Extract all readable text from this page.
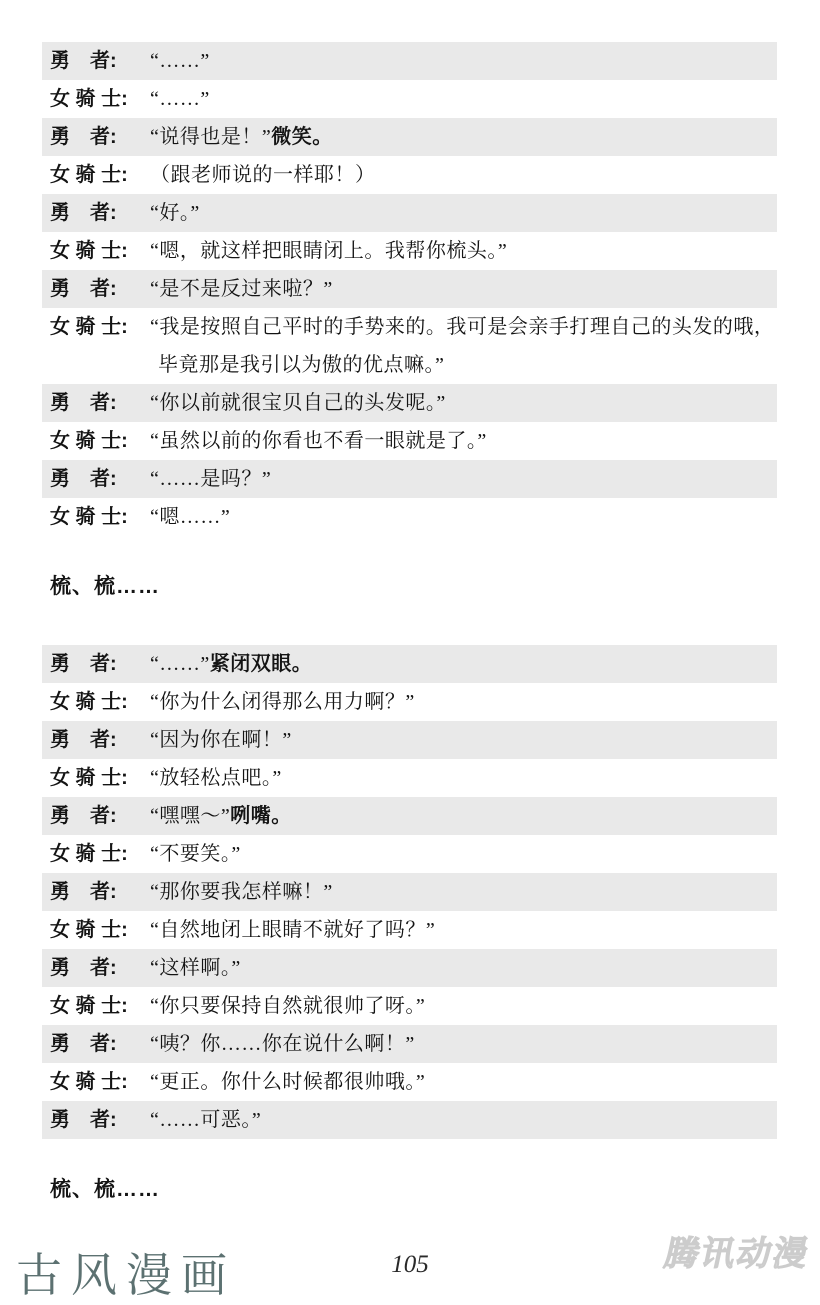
勇　者:	“……”
女 骑 士:	“……”
勇　者:	“说得也是！”微笑。
女 骑 士:	（跟老师说的一样耶！）
勇　者:	“好。”
女 骑 士:	“嗯，就这样把眼睛闭上。我帮你梳头。”
勇　者:	“是不是反过来啦？”
女 骑 士:	“我是按照自己平时的手势来的。我可是会亲手打理自己的头发的哦，毕竟那是我引以为傲的优点嘛。”
勇　者:	“你以前就很宝贝自己的头发呢。”
女 骑 士:	“虽然以前的你看也不看一眼就是了。”
勇　者:	“……是吗？”
女 骑 士:	“嗯……”
梳、梳……
勇　者:	“……”紧闭双眼。
女 骑 士:	“你为什么闭得那么用力啊？”
勇　者:	“因为你在啊！”
女 骑 士:	“放轻松点吧。”
勇　者:	“嘿嘿～”咧嘴。
女 骑 士:	“不要笑。”
勇　者:	“那你要我怎样嘛！”
女 骑 士:	“自然地闭上眼睛不就好了吗？”
勇　者:	“这样啊。”
女 骑 士:	“你只要保持自然就很帅了呀。”
勇　者:	“咦？你……你在说什么啊！”
女 骑 士:	“更正。你什么时候都很帅哦。”
勇　者:	“……可恶。”
梳、梳……
古风漫画	105	腾讯动漫
